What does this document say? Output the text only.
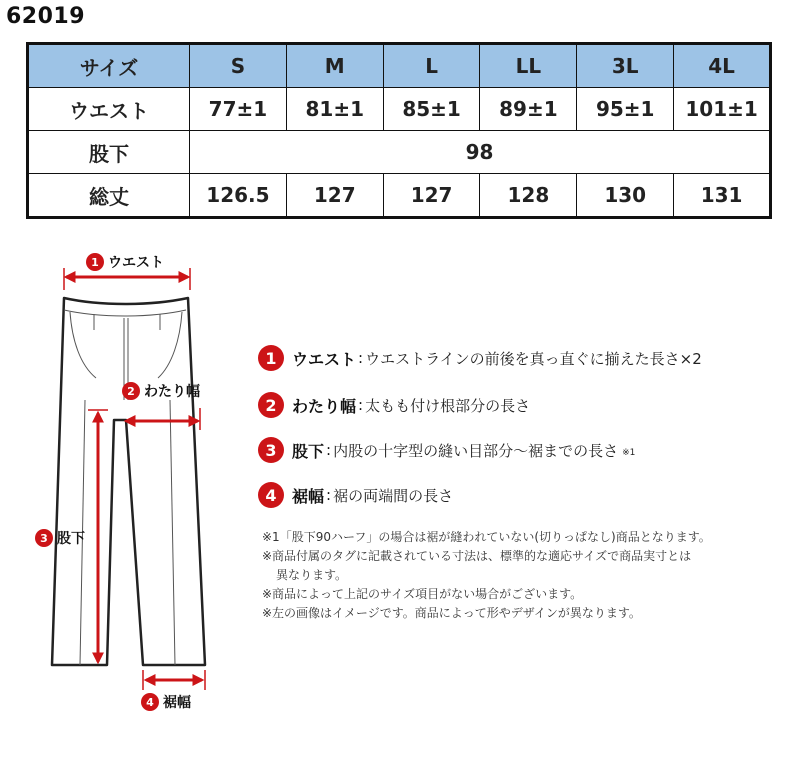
62019
サイズ	S	M	L	LL	3L	4L
ウエスト	77±1	81±1	85±1	89±1	95±1	101±1
股下	98					
総丈	126.5	127	127	128	130	131
1 ウエスト
2 わたり幅
3 股下
4 裾幅
1 ウエスト : ウエストラインの前後を真っ直ぐに揃えた長さ×2
2 わたり幅 : 太もも付け根部分の長さ
3 股下 : 内股の十字型の縫い目部分～裾までの長さ ※1
4 裾幅 : 裾の両端間の長さ
※1「股下90ハーフ」の場合は裾が縫われていない(切りっぱなし)商品となります。
※商品付属のタグに記載されている寸法は、標準的な適応サイズで商品実寸とは
異なります。
※商品によって上記のサイズ項目がない場合がございます。
※左の画像はイメージです。商品によって形やデザインが異なります。
